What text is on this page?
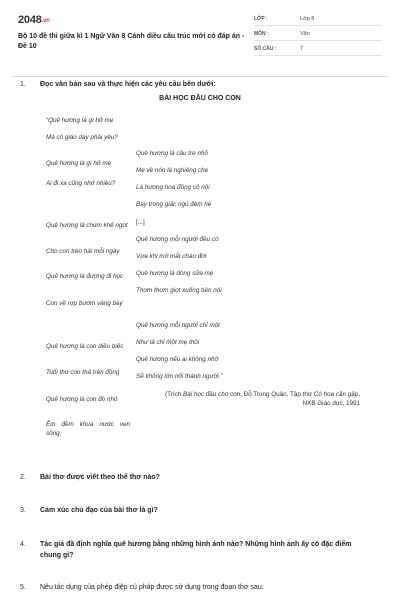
2048.vn
Bộ 10 đề thi giữa kì 1 Ngữ Văn 8 Cánh diều cấu trúc mới có đáp án - Đề 10
LỚP :	Lớp 8
MÔN :	Văn
SỐ CÂU :	7
1.	Đọc văn bản sau và thực hiện các yêu cầu bên dưới:
BÀI HỌC ĐẦU CHO CON
“Quê hương là gì hở mẹ
Mà cô giáo dạy phải yêu?
Quê hương là gì hở mẹ
Ai đi xa cũng nhớ nhiều?
Quê hương là chùm khế ngọt
Cho con trèo hái mỗi ngày
Quê hương là đường đi học
Con về rợp bướm vàng bay
Quê hương là con diều biếc
Tuổi thơ con thả trên đồng
Quê hương là con đò nhỏ
Êm đềm khua nước ven sông.
Quê hương là cầu tre nhỏ
Mẹ về nón lá nghiêng che
Là hương hoa đồng cỏ nội
Bay trong giấc ngủ đêm hè
[...]
Quê hương mỗi người đều có
Vừa khi mở mắt chào đời
Quê hương là dòng sữa mẹ
Thơm thơm giọt xuống bên nôi
Quê hương mỗi người chỉ một
Như là chỉ một mẹ thôi
Quê hương nếu ai không nhớ
Sẽ không lớn nổi thành người.”
(Trích Bài học đầu cho con, Đỗ Trung Quân, Tập thơ Có hoa cần gặp, NXB Giáo dục, 1991
2.	Bài thơ được viết theo thể thơ nào?
3.	Cảm xúc chủ đạo của bài thơ là gì?
4.	Tác giả đã định nghĩa quê hương bằng những hình ảnh nào? Những hình ảnh ấy có đặc điểm
chung gì?
5.	Nêu tác dụng của phép điệp cú pháp được sử dụng trong đoạn thơ sau:
